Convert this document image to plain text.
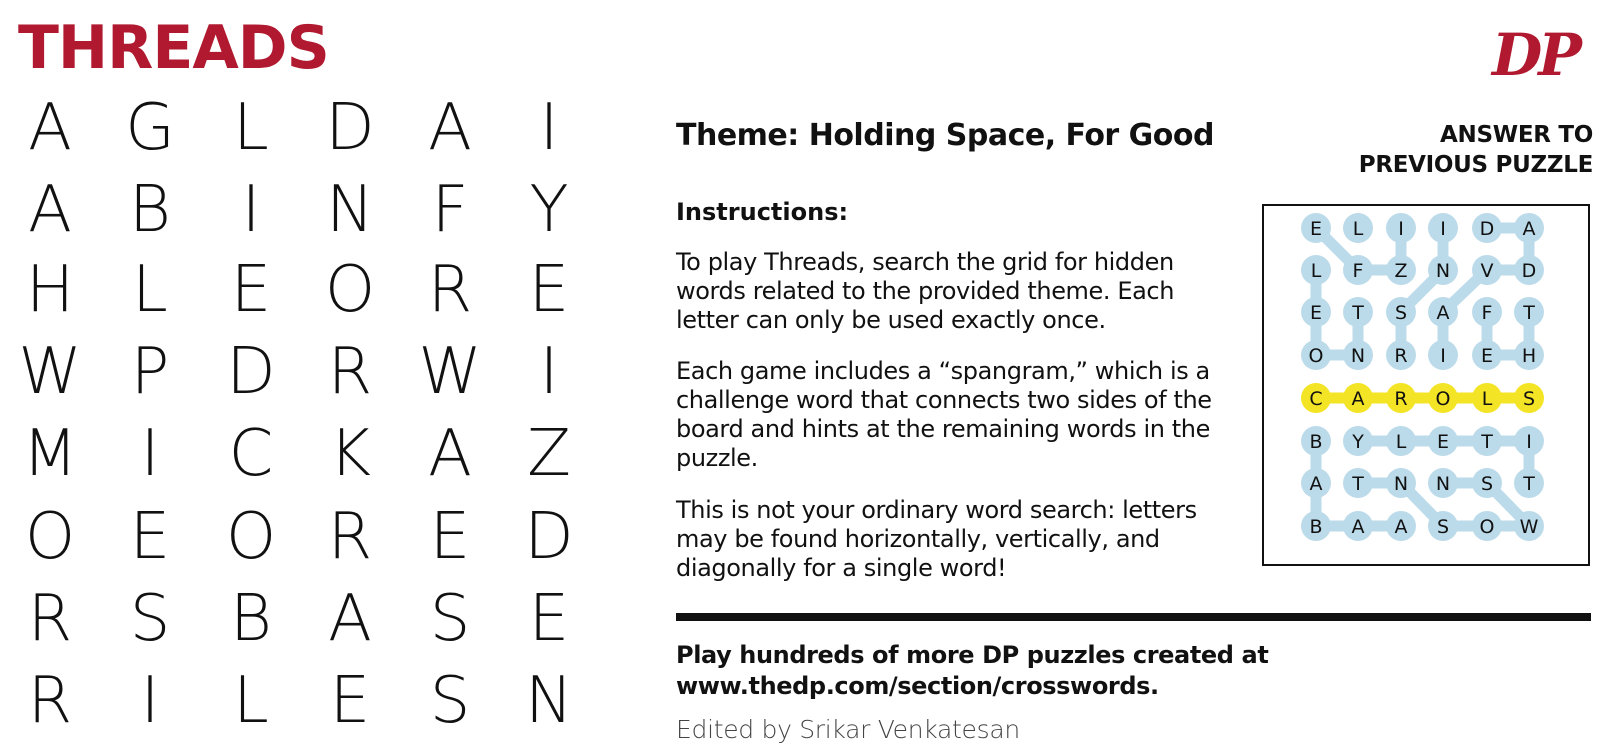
THREADS	DP
A G L D A	I
A B	I	N F Y
H L E O R E
W P D R W I
M I	C K A Z
O E O R E D
R S B A S E
R	I	L E S N
Theme: Holding Space, For Good
Instructions:
To play Threads, search the grid for hidden words related to the provided theme. Each letter can only be used exactly once.
Each game includes a “spangram,” which is a challenge word that connects two sides of the board and hints at the remaining words in the puzzle.
This is not your ordinary word search: letters may be found horizontally, vertically, and diagonally for a single word!
ANSWER TO
PREVIOUS PUZZLE
E L I I D A
L F Z N V D
E T S A F T
O N R I E H
C A R O L S
B Y L E T I
A T N N S T
B A A S O W
Play hundreds of more DP puzzles created at
www.thedp.com/section/crosswords.
Edited by Srikar Venkatesan
